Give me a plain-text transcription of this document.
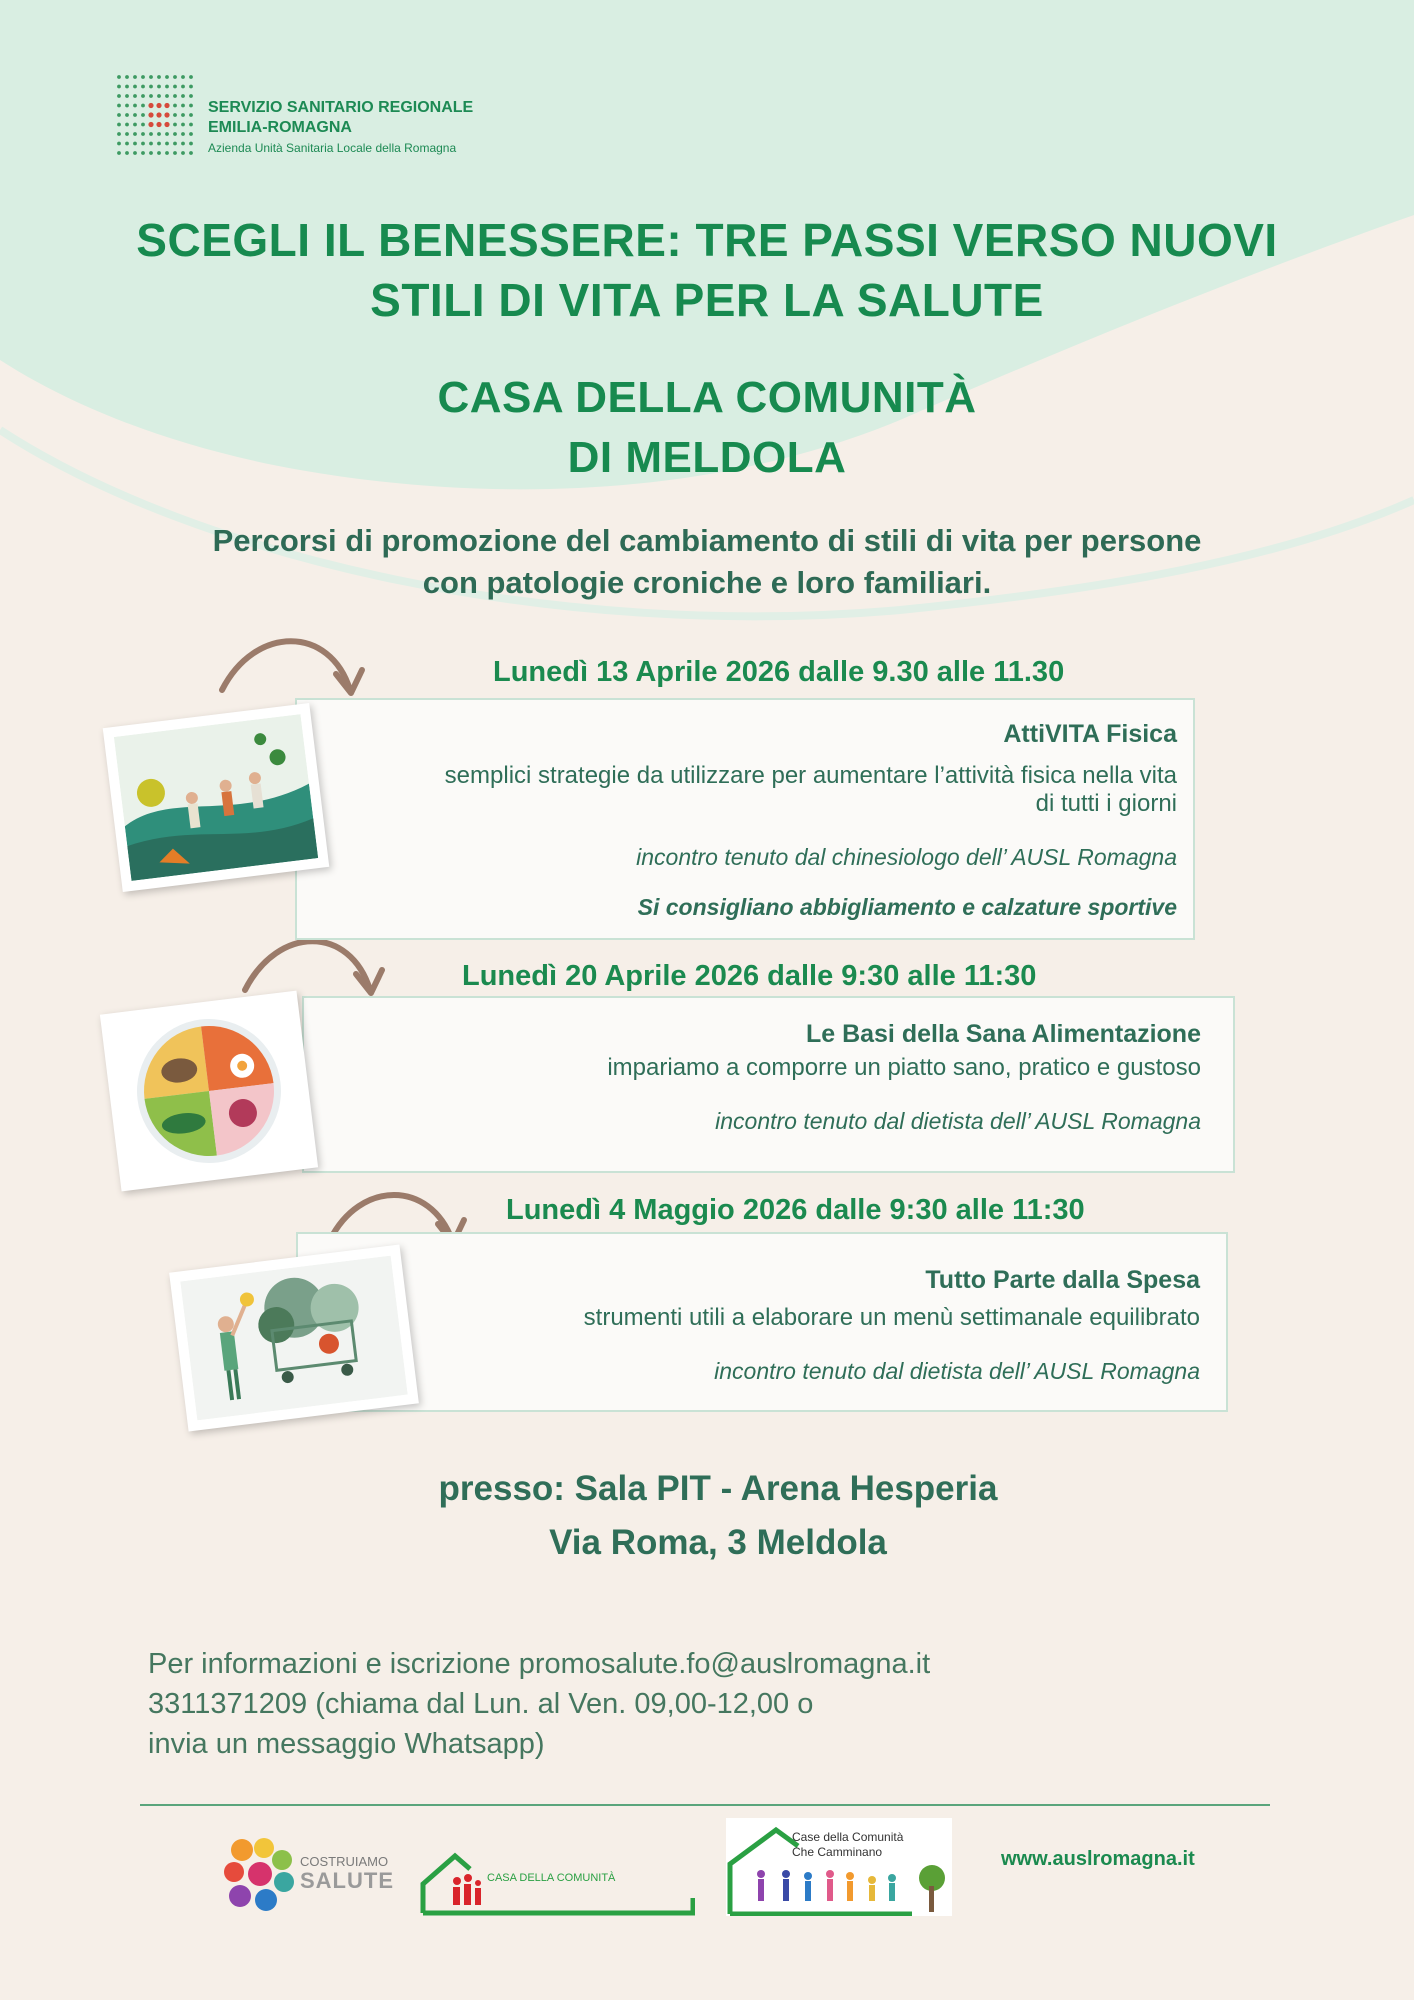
SERVIZIO SANITARIO REGIONALE
EMILIA-ROMAGNA
Azienda Unità Sanitaria Locale della Romagna
SCEGLI IL BENESSERE: TRE PASSI VERSO NUOVI
STILI DI VITA PER LA SALUTE
CASA DELLA COMUNITÀ
DI MELDOLA
Percorsi di promozione del cambiamento di stili di vita per persone
con patologie croniche e loro familiari.
Lunedì 13 Aprile 2026 dalle 9.30 alle 11.30
AttiVITA Fisica
semplici strategie da utilizzare per aumentare l’attività fisica nella vita
di tutti i giorni
incontro tenuto dal chinesiologo dell’ AUSL Romagna
Si consigliano abbigliamento e calzature sportive
Lunedì 20 Aprile 2026 dalle 9:30 alle 11:30
Le Basi della Sana Alimentazione
impariamo a comporre un piatto sano, pratico e gustoso
incontro tenuto dal dietista dell’ AUSL Romagna
Lunedì 4 Maggio 2026 dalle 9:30 alle 11:30
Tutto Parte dalla Spesa
strumenti utili a elaborare un menù settimanale equilibrato
incontro tenuto dal dietista dell’ AUSL Romagna
presso: Sala PIT - Arena Hesperia
Via Roma, 3 Meldola
Per informazioni e iscrizione promosalute.fo@auslromagna.it
3311371209 (chiama dal Lun. al Ven. 09,00-12,00 o
invia un messaggio Whatsapp)
COSTRUIAMO
SALUTE	CASA DELLA COMUNITÀ
Case della Comunità
Che Camminano	www.auslromagna.it
